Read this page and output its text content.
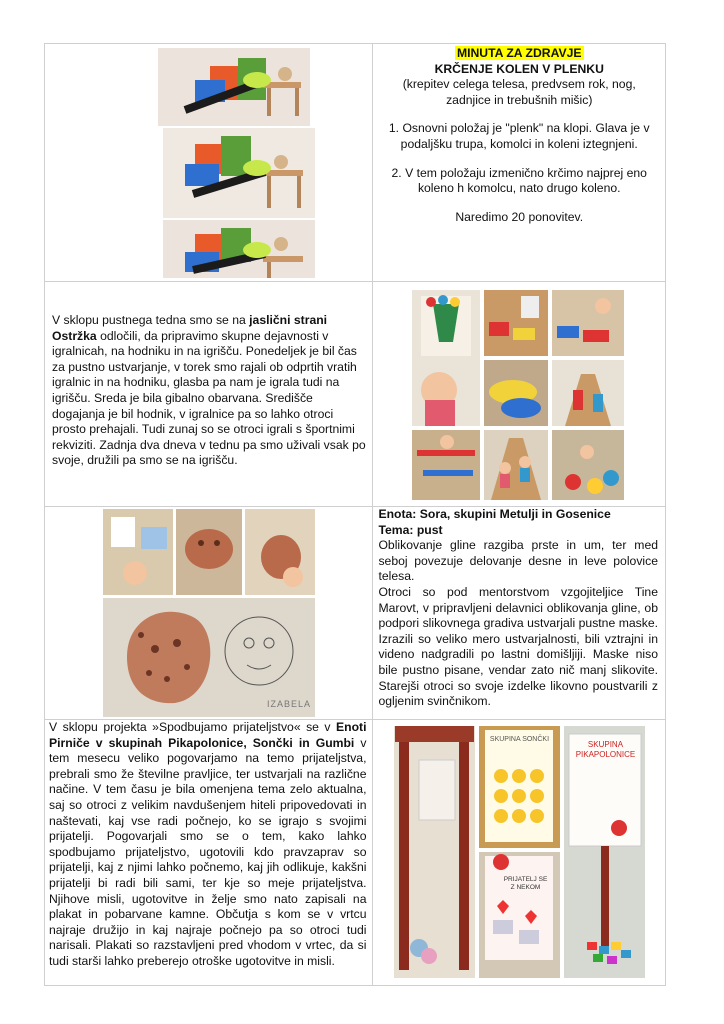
MINUTA ZA ZDRAVJE
KRČENJE KOLEN V PLENKU
(krepitev celega telesa, predvsem rok, nog, zadnjice in trebušnih mišic)
1. Osnovni položaj je "plenk" na klopi. Glava je v podaljšku trupa, komolci in koleni iztegnjeni.
2. V tem položaju izmenično krčimo najprej eno koleno h komolcu, nato drugo koleno.
Naredimo 20 ponovitev.
V sklopu pustnega tedna smo se na jaslični strani Ostržka odločili, da pripravimo skupne dejavnosti v igralnicah, na hodniku in na igrišču. Ponedeljek je bil čas za pustno ustvarjanje, v torek smo rajali ob odprtih vratih igralnic in na hodniku, glasba pa nam je igrala tudi na igrišču. Sreda je bila gibalno obarvana. Središče dogajanja je bil hodnik, v igralnice pa so lahko otroci prosto prehajali. Tudi zunaj so se otroci igrali s športnimi rekviziti. Zadnja dva dneva v tednu pa smo uživali vsak po svoje, družili pa smo se na igrišču.
IZABELA
Enota: Sora, skupini Metulji in Gosenice
Tema: pust
Oblikovanje gline razgiba prste in um, ter med seboj povezuje delovanje desne in leve polovice telesa.
Otroci so pod mentorstvom vzgojiteljice Tine Marovt, v pripravljeni delavnici oblikovanja gline, ob podpori slikovnega gradiva ustvarjali pustne maske. Izrazili so veliko mero ustvarjalnosti, bili vztrajni in videno nadgradili po lastni domišljiji. Maske niso bile pustno pisane, vendar zato nič manj slikovite. Starejši otroci so svoje izdelke likovno poustvarili z ogljenim svinčnikom.
V sklopu projekta »Spodbujamo prijateljstvo« se v Enoti Pirniče v skupinah Pikapolonice, Sončki in Gumbi v tem mesecu veliko pogovarjamo na temo prijateljstva, prebrali smo že številne pravljice, ter ustvarjali na različne načine. V tem času je bila omenjena tema zelo aktualna, saj so otroci z velikim navdušenjem hiteli pripovedovati in naštevati, kaj vse radi počnejo, ko se igrajo s svojimi prijatelji. Pogovarjali smo se o tem, kako lahko spodbujamo prijateljstvo, ugotovili kdo pravzaprav so prijatelji, kaj z njimi lahko počnemo, kaj jih odlikuje, kakšni prijatelji bi radi bili sami, ter kje so meje prijateljstva. Njihove misli, ugotovitve in želje smo nato zapisali na plakat in pobarvane kamne. Občutja s kom se v vrtcu najraje družijo in kaj najraje počnejo pa so otroci tudi narisali. Plakati so razstavljeni pred vhodom v vrtec, da si tudi starši lahko preberejo otroške ugotovitve in misli.
SKUPINA SONČKI
SKUPINA PIKAPOLONICE
PRIJATELJ SE Z NEKOM
